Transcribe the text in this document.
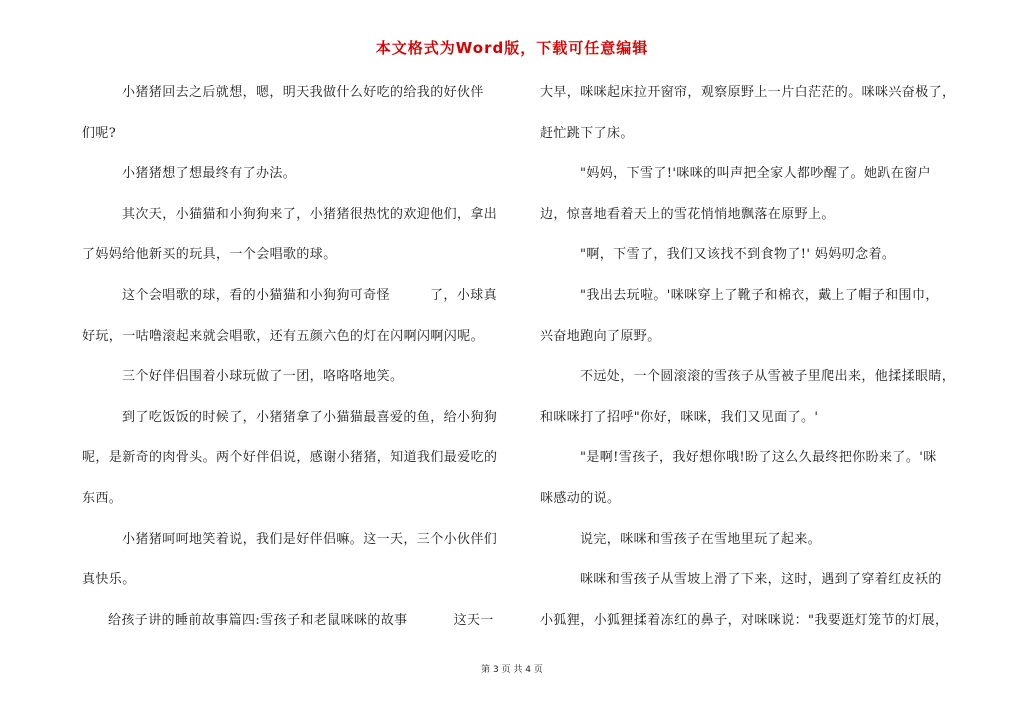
本文格式为Word版，下载可任意编辑
小猪猪回去之后就想，嗯，明天我做什么好吃的给我的好伙伴
们呢?
小猪猪想了想最终有了办法。
其次天，小猫猫和小狗狗来了，小猪猪很热忱的欢迎他们，拿出
了妈妈给他新买的玩具，一个会唱歌的球。
这个会唱歌的球，看的小猫猫和小狗狗可奇怪	了，小球真
好玩，一咕噜滚起来就会唱歌，还有五颜六色的灯在闪啊闪啊闪呢。
三个好伴侣围着小球玩做了一团，咯咯咯地笑。
到了吃饭饭的时候了，小猪猪拿了小猫猫最喜爱的鱼，给小狗狗
呢，是新奇的肉骨头。两个好伴侣说，感谢小猪猪，知道我们最爱吃的
东西。
小猪猪呵呵地笑着说，我们是好伴侣嘛。这一天，三个小伙伴们
真快乐。
给孩子讲的睡前故事篇四:雪孩子和老鼠咪咪的故事	这天一
大早，咪咪起床拉开窗帘，观察原野上一片白茫茫的。咪咪兴奋极了，
赶忙跳下了床。
"妈妈，下雪了!'咪咪的叫声把全家人都吵醒了。她趴在窗户
边，惊喜地看着天上的雪花悄悄地飘落在原野上。
"啊，下雪了，我们又该找不到食物了!' 妈妈叨念着。
"我出去玩啦。'咪咪穿上了靴子和棉衣，戴上了帽子和围巾，
兴奋地跑向了原野。
不远处，一个圆滚滚的雪孩子从雪被子里爬出来，他揉揉眼睛，
和咪咪打了招呼"你好，咪咪，我们又见面了。'
"是啊!雪孩子，我好想你哦!盼了这么久最终把你盼来了。'咪
咪感动的说。
说完，咪咪和雪孩子在雪地里玩了起来。
咪咪和雪孩子从雪坡上滑了下来，这时，遇到了穿着红皮袄的
小狐狸，小狐狸揉着冻红的鼻子，对咪咪说："我要逛灯笼节的灯展，
第 3 页 共 4 页
